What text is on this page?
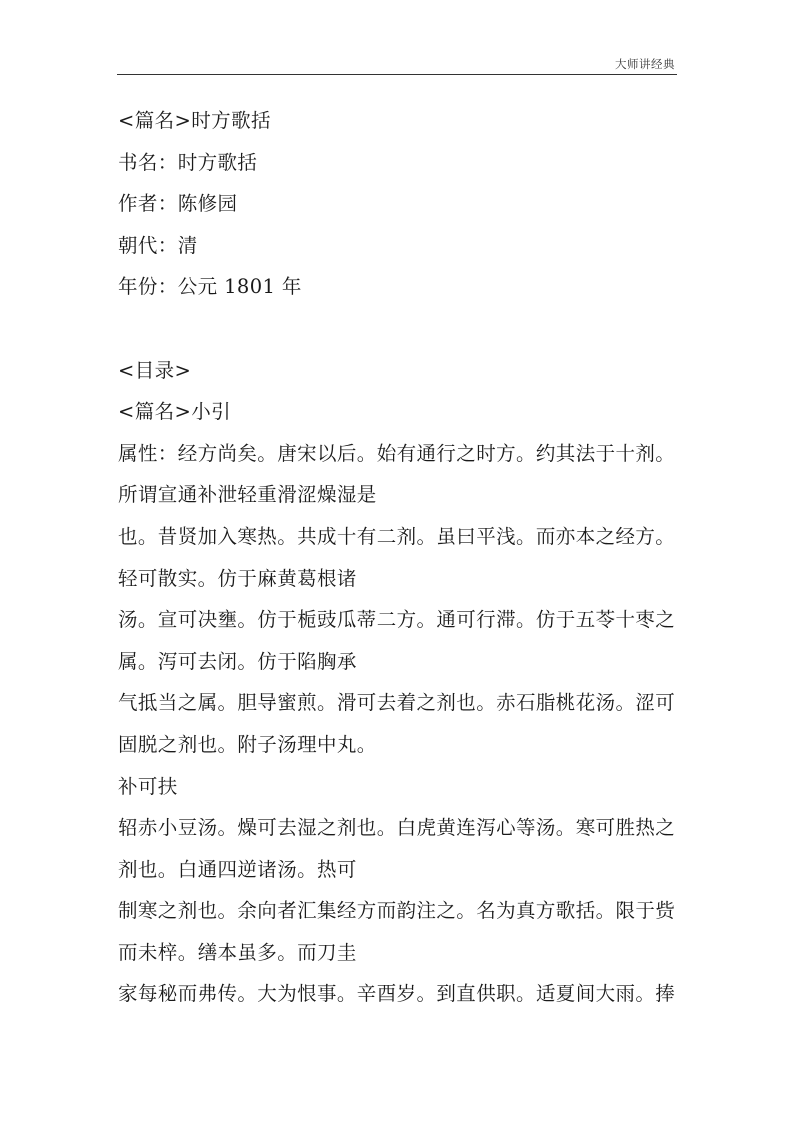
大师讲经典
<篇名>时方歌括
书名：时方歌括
作者：陈修园
朝代：清
年份：公元 1801 年
<目录>
<篇名>小引
属性：经方尚矣。唐宋以后。始有通行之时方。约其法于十剂。
所谓宣通补泄轻重滑涩燥湿是
也。昔贤加入寒热。共成十有二剂。虽曰平浅。而亦本之经方。
轻可散实。仿于麻黄葛根诸
汤。宣可决壅。仿于栀豉瓜蒂二方。通可行滞。仿于五苓十枣之
属。泻可去闭。仿于陷胸承
气抵当之属。胆导蜜煎。滑可去着之剂也。赤石脂桃花汤。涩可
固脱之剂也。附子汤理中丸。
补可扶
轺赤小豆汤。燥可去湿之剂也。白虎黄连泻心等汤。寒可胜热之
剂也。白通四逆诸汤。热可
制寒之剂也。余向者汇集经方而韵注之。名为真方歌括。限于赀
而未梓。缮本虽多。而刀圭
家每秘而弗传。大为恨事。辛酉岁。到直供职。适夏间大雨。捧
